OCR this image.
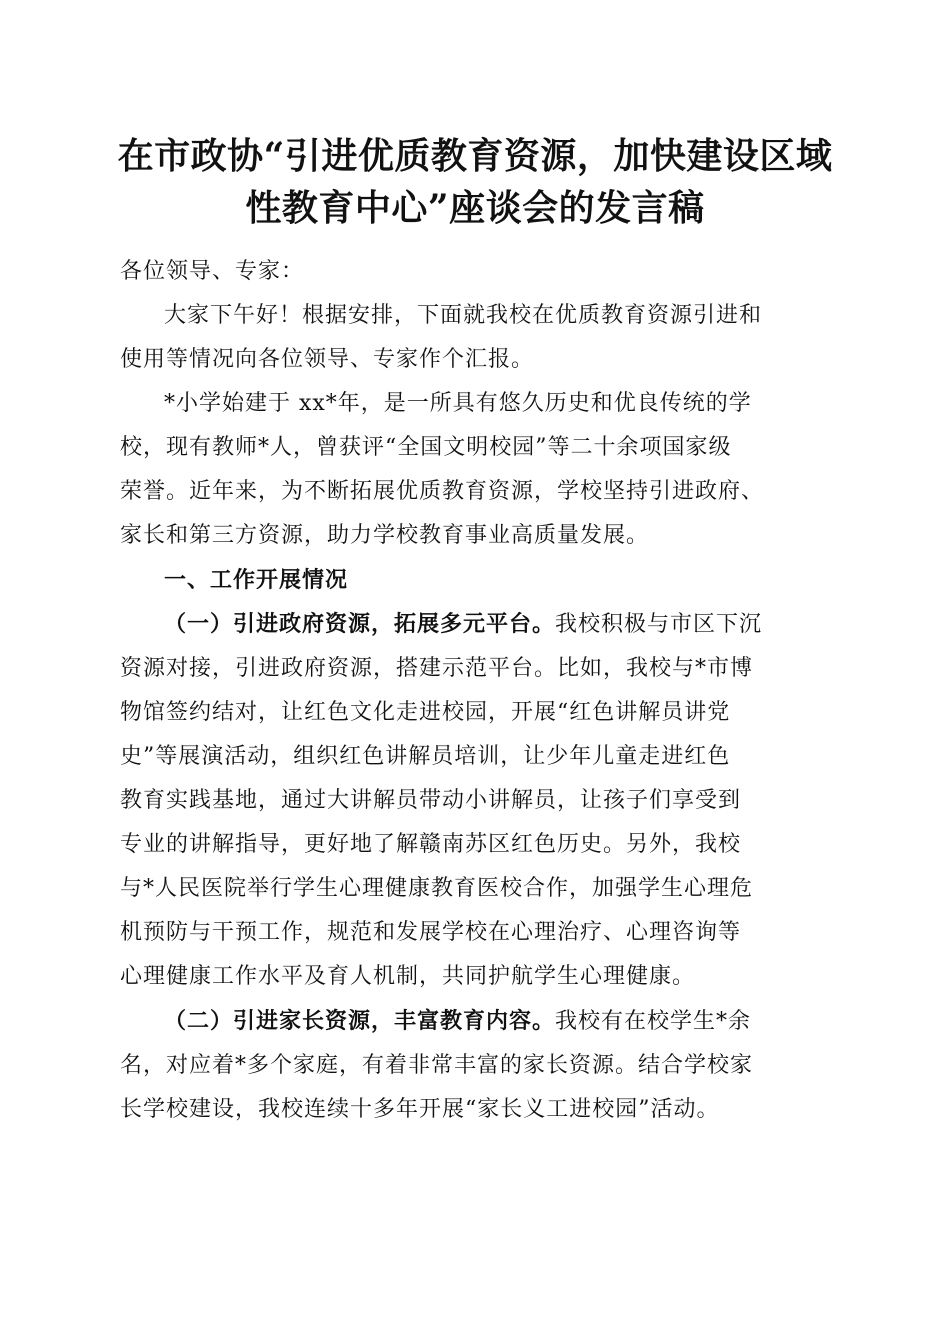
在市政协“引进优质教育资源，加快建设区域
性教育中心”座谈会的发言稿

各位领导、专家：

大家下午好！根据安排，下面就我校在优质教育资源引进和
使用等情况向各位领导、专家作个汇报。

*小学始建于 xx*年，是一所具有悠久历史和优良传统的学
校，现有教师*人，曾获评“全国文明校园”等二十余项国家级
荣誉。近年来，为不断拓展优质教育资源，学校坚持引进政府、
家长和第三方资源，助力学校教育事业高质量发展。

一、工作开展情况

（一）引进政府资源，拓展多元平台。我校积极与市区下沉
资源对接，引进政府资源，搭建示范平台。比如，我校与*市博
物馆签约结对，让红色文化走进校园，开展“红色讲解员讲党
史”等展演活动，组织红色讲解员培训，让少年儿童走进红色
教育实践基地，通过大讲解员带动小讲解员，让孩子们享受到
专业的讲解指导，更好地了解赣南苏区红色历史。另外，我校
与*人民医院举行学生心理健康教育医校合作，加强学生心理危
机预防与干预工作，规范和发展学校在心理治疗、心理咨询等
心理健康工作水平及育人机制，共同护航学生心理健康。

（二）引进家长资源，丰富教育内容。我校有在校学生*余
名，对应着*多个家庭，有着非常丰富的家长资源。结合学校家
长学校建设，我校连续十多年开展“家长义工进校园”活动。
